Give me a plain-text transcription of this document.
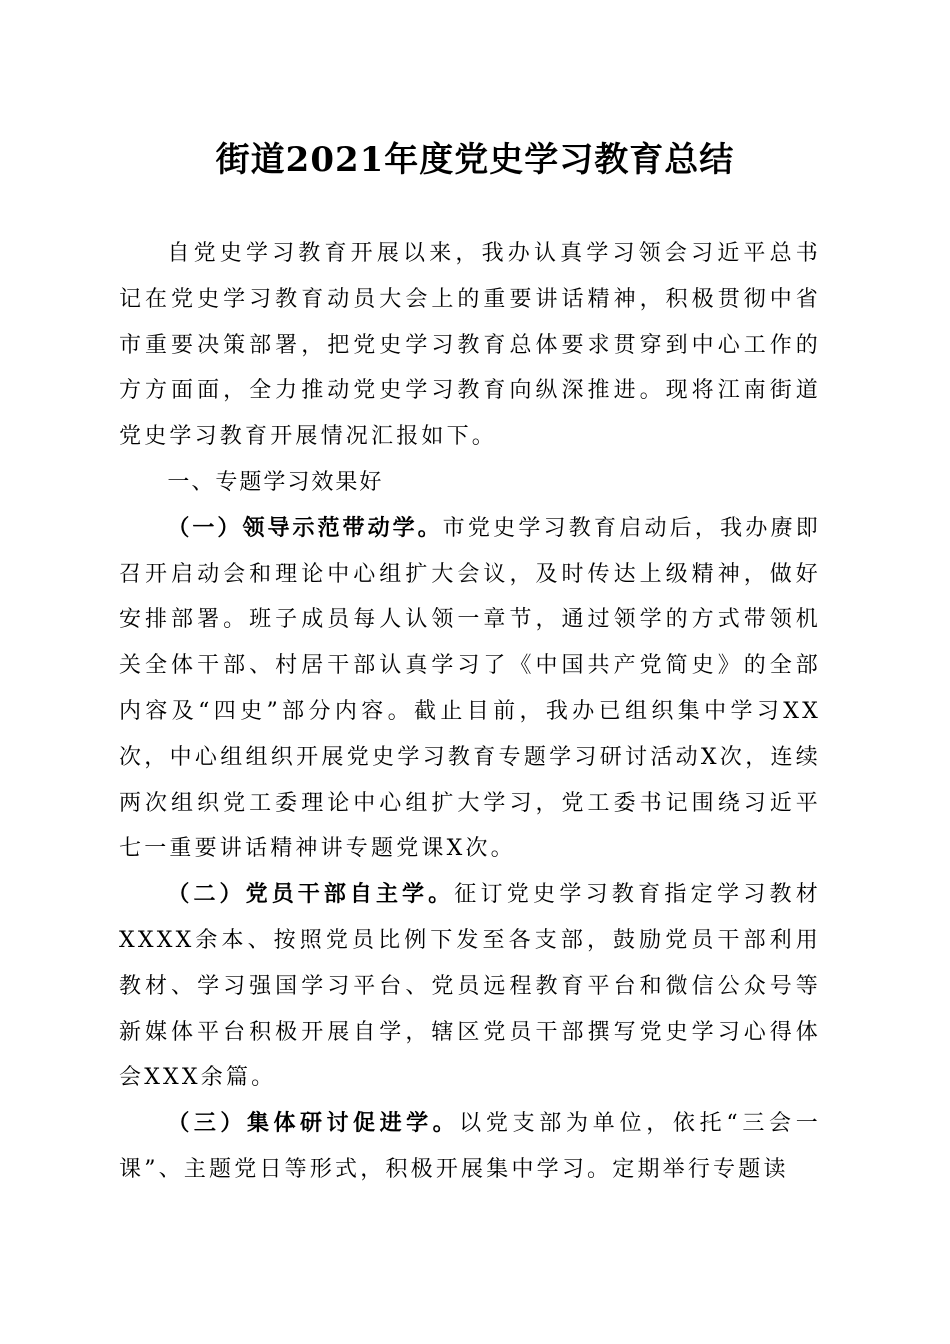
街道2021年度党史学习教育总结

自党史学习教育开展以来，我办认真学习领会习近平总书记在党史学习教育动员大会上的重要讲话精神，积极贯彻中省市重要决策部署，把党史学习教育总体要求贯穿到中心工作的方方面面，全力推动党史学习教育向纵深推进。现将江南街道党史学习教育开展情况汇报如下。

一、专题学习效果好

（一）领导示范带动学。市党史学习教育启动后，我办赓即召开启动会和理论中心组扩大会议，及时传达上级精神，做好安排部署。班子成员每人认领一章节，通过领学的方式带领机关全体干部、村居干部认真学习了《中国共产党简史》的全部内容及“四史”部分内容。截止目前，我办已组织集中学习XX次，中心组组织开展党史学习教育专题学习研讨活动X次，连续两次组织党工委理论中心组扩大学习，党工委书记围绕习近平七一重要讲话精神讲专题党课X次。

（二）党员干部自主学。征订党史学习教育指定学习教材XXXX余本、按照党员比例下发至各支部，鼓励党员干部利用教材、学习强国学习平台、党员远程教育平台和微信公众号等新媒体平台积极开展自学，辖区党员干部撰写党史学习心得体会XXX余篇。

（三）集体研讨促进学。以党支部为单位，依托“三会一课”、主题党日等形式，积极开展集中学习。定期举行专题读
